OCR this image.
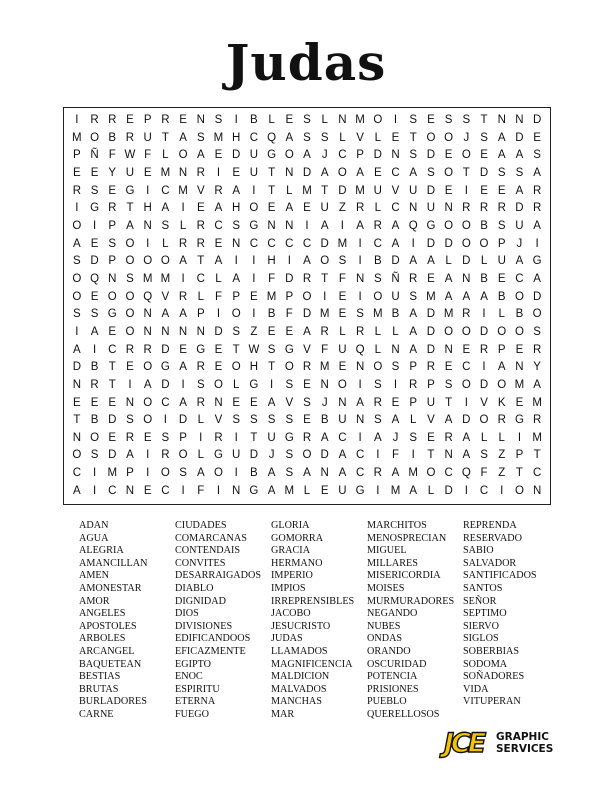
Judas
I	R R E P R E N S	I	B L E S L N M O	I	S E S S T N N D
M O B R U T A S M H C Q A S S L V L E T O O J S A D E
P Ñ F W F L O A E D U G O A J C P D N S D E O E A A S
E E Y U E M N R	I	E U T N D A O A E C A S O T D S S A
R S E G	I	C M V R A	I	T L M T D M U V U D E	I	E E A R
I	G R T H A	I	E A H O E A E U Z R L C N U N R R R D R
O	I	P A N S L R C S G N N	I	A	I	A R A Q G O O B S U A
A E S O	I	L R R E N C C C C D M I	C A	I	D D O O P J	I
S D P O O O A T A	I	I	H	I	A O S	I	B D A A L D L U A G
O Q N S M M I	C L A	I	F D R T F N S Ñ R E A N B E C A
O E O O Q V R L F P E M P O	I	E	I	O U S M A A A B O D
S S G O N A A P	I	O	I	B F D M E S M B A D M R	I	L B O
I	A E O N N N N D S Z E E A R L R L L A D O O D O O S
A	I	C R R D E G E T W S G V F U Q L N A D N E R P E R
D B T E O G A R E O H T O R M E N O S P R E C	I	A N Y
N R T	I	A D	I	S O L G	I	S E N O	I	S	I	R P S O D O M A
E E E N O C A R N E E A V S J N A R E P U T	I	V K E M
T B D S O	I	D L V S S S S E B U N S A L V A D O R G R
N O E R E S P	I	R	I	T U G R A C	I	A J S E R A L L	I M
O S D A	I	R O L G U D J S O D A C	I	F	I	T N A S Z P T
C	I M P	I	O S A O	I	B A S A N A C R A M O C Q F Z T C
A	I	C N E C	I	F	I	N G A M L E U G	I M A L D	I	C	I	O N
ADAN
AGUA
ALEGRIA
AMANCILLAN
AMEN
AMONESTAR
AMOR
ANGELES
APOSTOLES
ARBOLES
ARCANGEL
BAQUETEAN
BESTIAS
BRUTAS
BURLADORES
CARNE
CIUDADES
COMARCANAS
CONTENDAIS
CONVITES
DESARRAIGADOS
DIABLO
DIGNIDAD
DIOS
DIVISIONES
EDIFICANDOOS
EFICAZMENTE
EGIPTO
ENOC
ESPIRITU
ETERNA
FUEGO
GLORIA
GOMORRA
GRACIA
HERMANO
IMPERIO
IMPIOS
IRREPRENSIBLES
JACOBO
JESUCRISTO
JUDAS
LLAMADOS
MAGNIFICENCIA
MALDICION
MALVADOS
MANCHAS
MAR
MARCHITOS
MENOSPRECIAN
MIGUEL
MILLARES
MISERICORDIA
MOISES
MURMURADORES
NEGANDO
NUBES
ONDAS
ORANDO
OSCURIDAD
POTENCIA
PRISIONES
PUEBLO
QUERELLOSOS
REPRENDA
RESERVADO
SABIO
SALVADOR
SANTIFICADOS
SANTOS
SEÑOR
SEPTIMO
SIERVO
SIGLOS
SOBERBIAS
SODOMA
SOÑADORES
VIDA
VITUPERAN
JCE	GRAPHIC
SERVICES
